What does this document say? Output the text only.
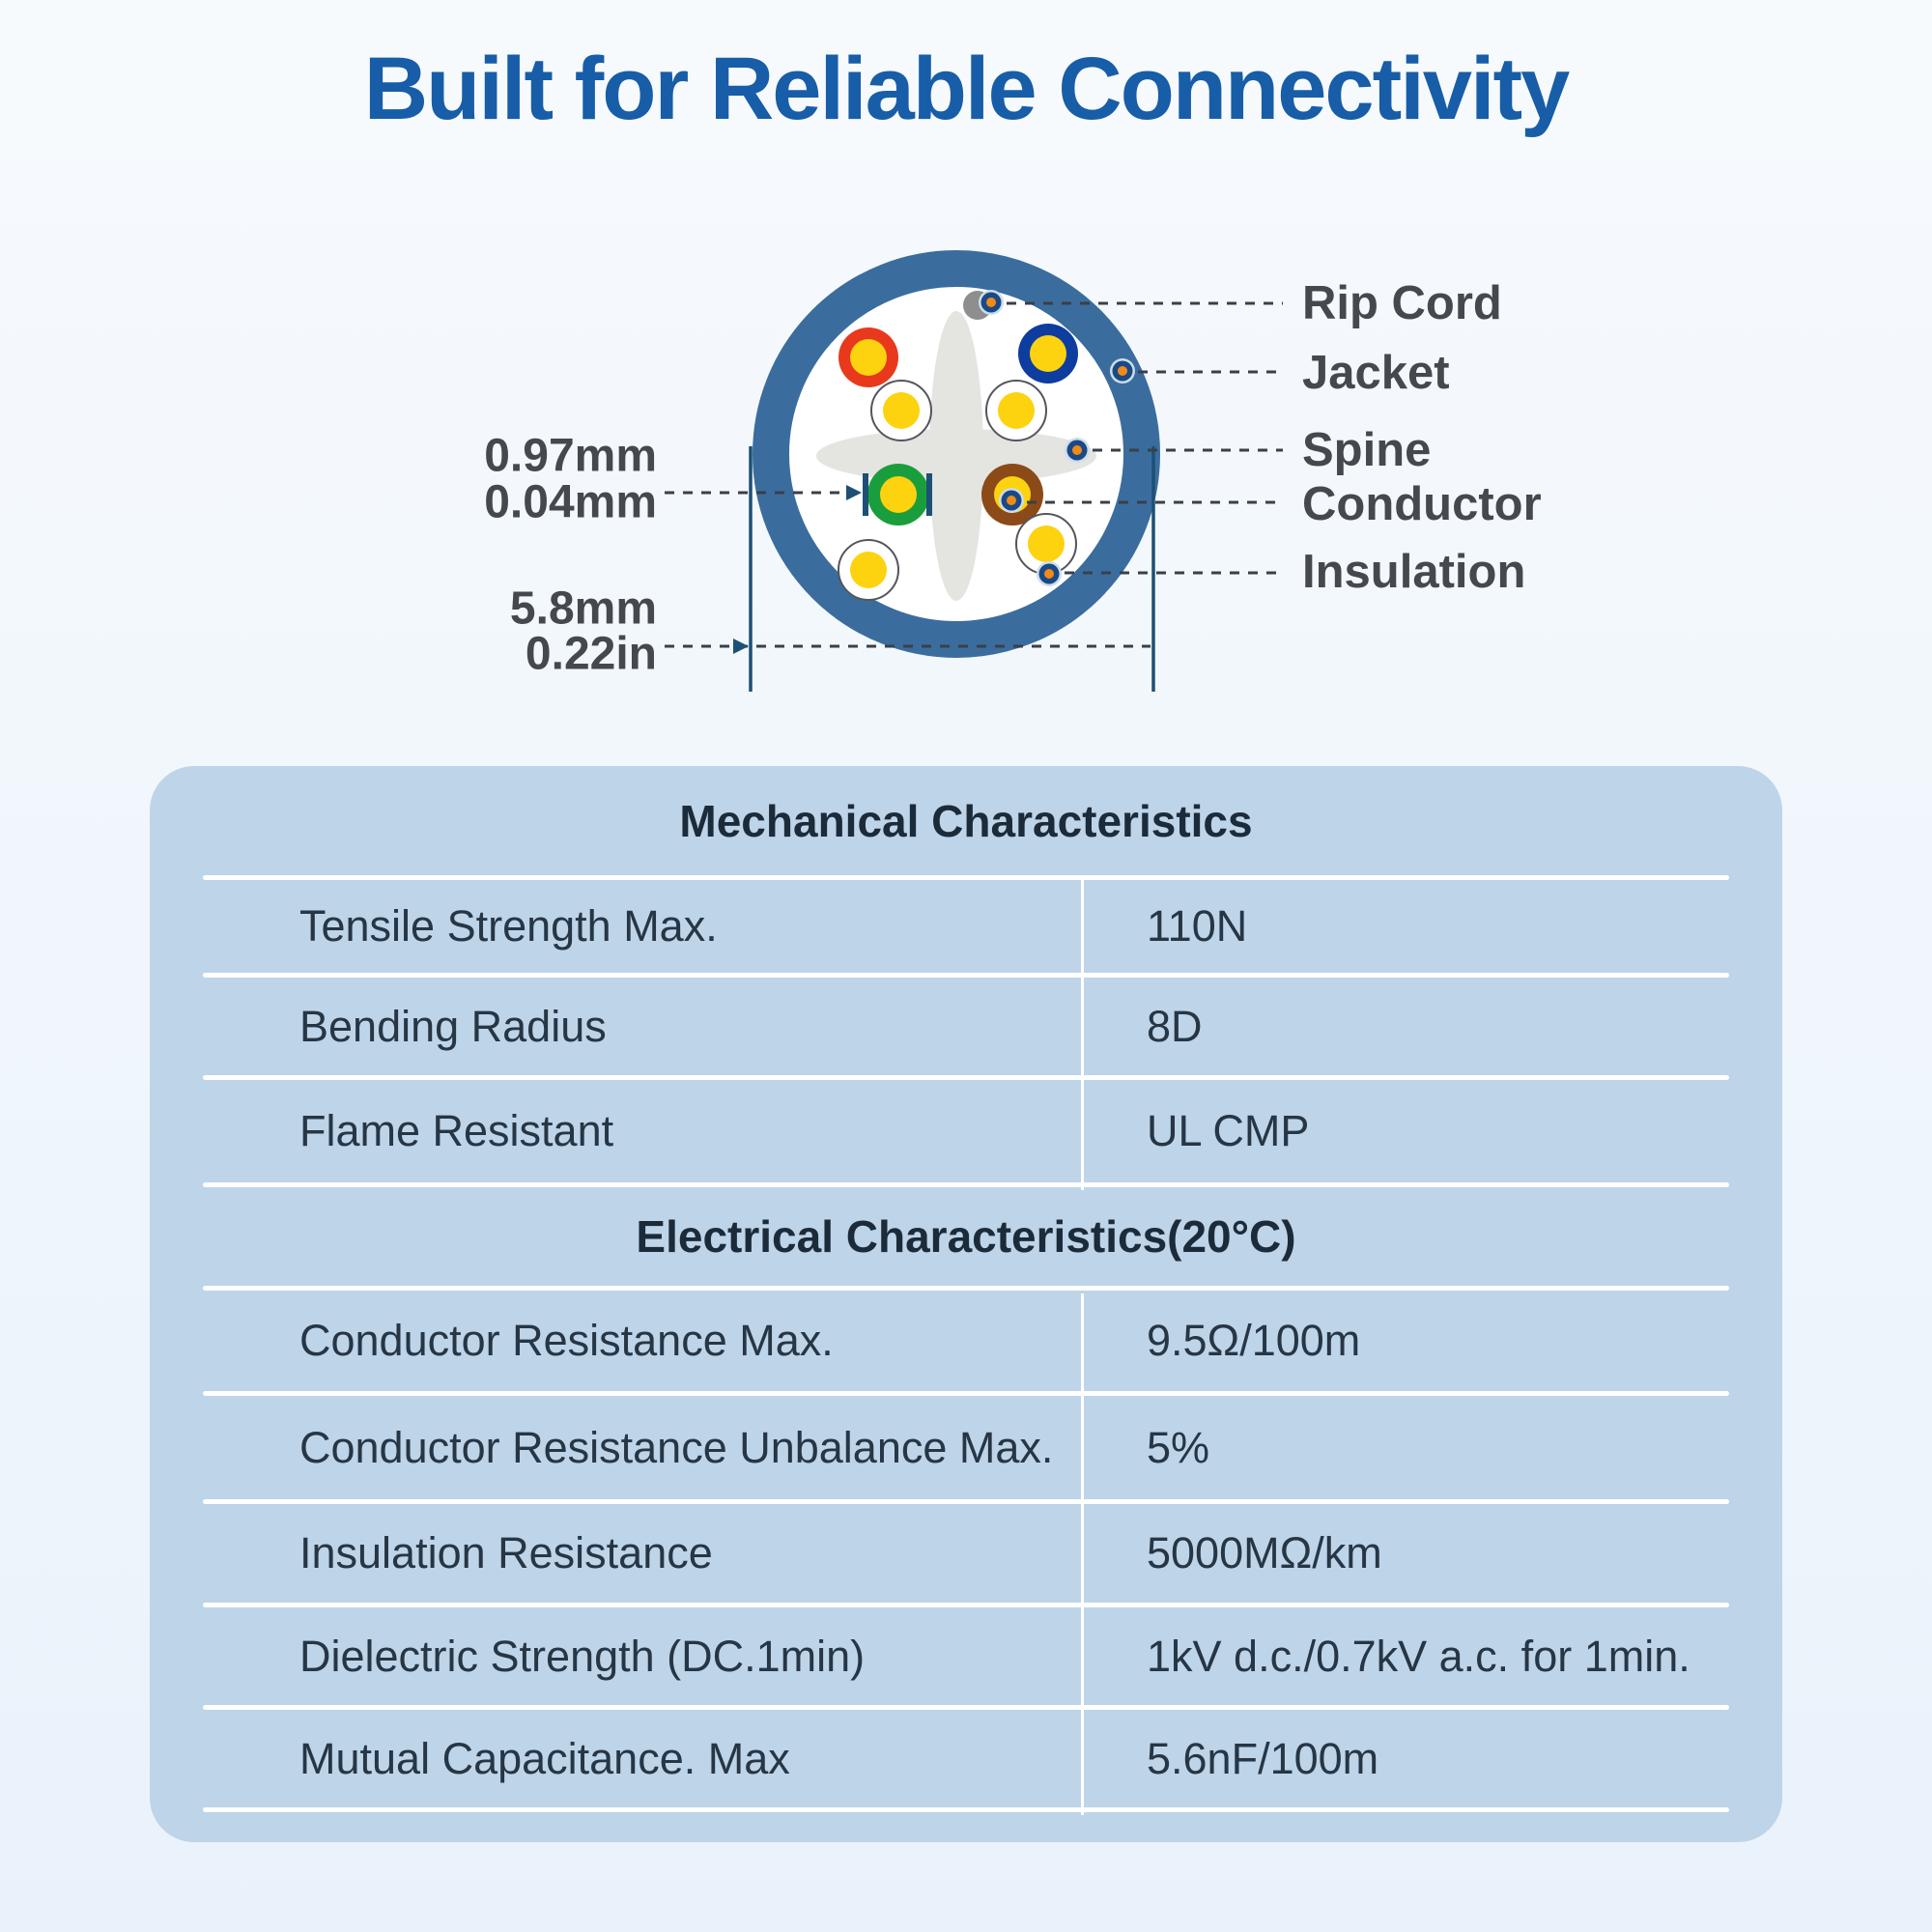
Built for Reliable Connectivity
Rip Cord
Jacket
Spine
Conductor
Insulation
0.97mm
0.04mm
5.8mm
0.22in
Mechanical Characteristics
Tensile Strength Max.	110N
Bending Radius	8D
Flame Resistant	UL CMP
Electrical Characteristics(20°C)
Conductor Resistance Max.	9.5Ω/100m
Conductor Resistance Unbalance Max.	5%
Insulation Resistance	5000MΩ/km
Dielectric Strength (DC.1min)	1kV d.c./0.7kV a.c. for 1min.
Mutual Capacitance. Max	5.6nF/100m
